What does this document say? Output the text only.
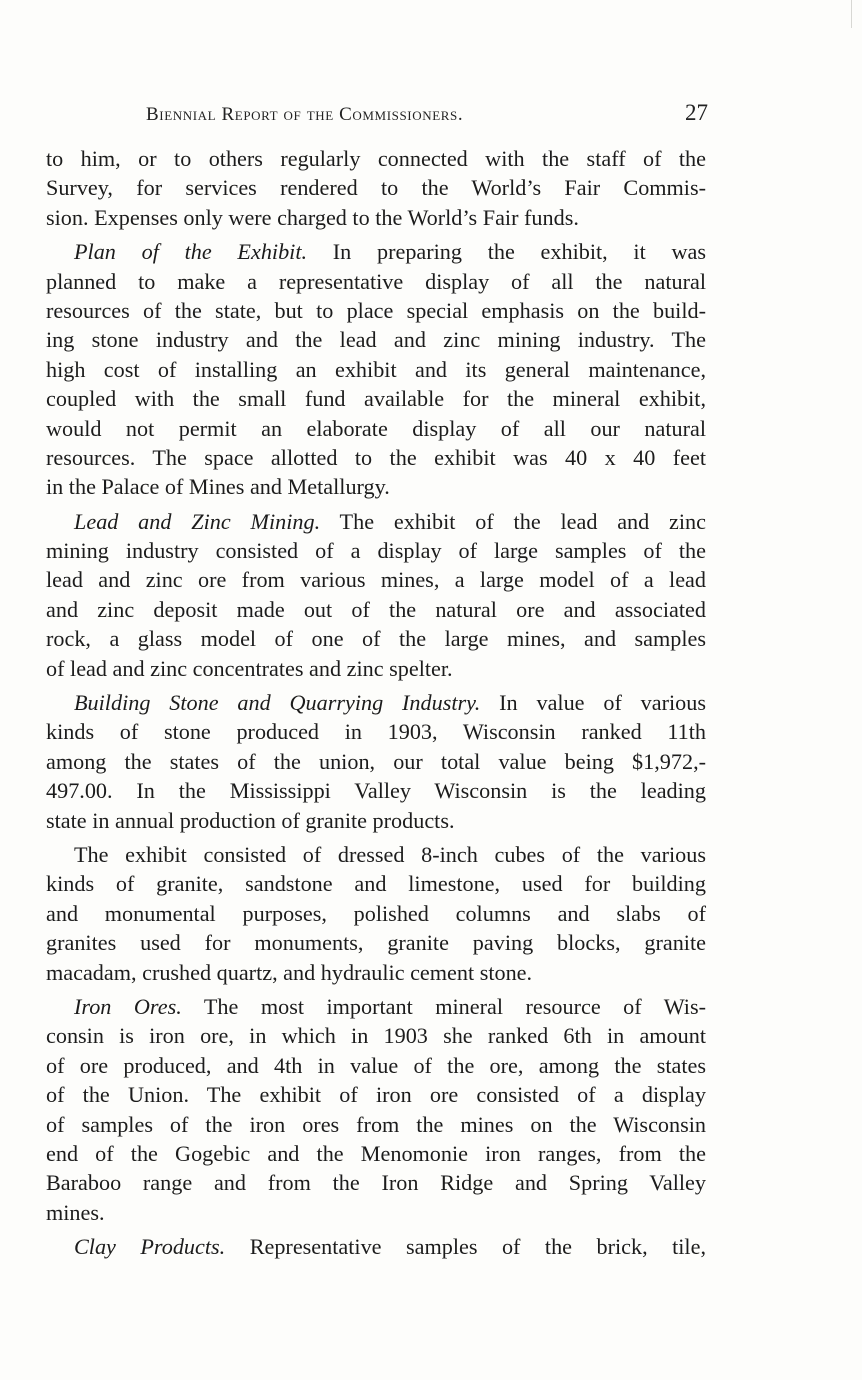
Biennial Report of the Commissioners.	27
to him, or to others regularly connected with the staff of the
Survey, for services rendered to the World’s Fair Commis-
sion. Expenses only were charged to the World’s Fair funds.
Plan of the Exhibit. In preparing the exhibit, it was
planned to make a representative display of all the natural
resources of the state, but to place special emphasis on the build-
ing stone industry and the lead and zinc mining industry. The
high cost of installing an exhibit and its general maintenance,
coupled with the small fund available for the mineral exhibit,
would not permit an elaborate display of all our natural
resources. The space allotted to the exhibit was 40 x 40 feet
in the Palace of Mines and Metallurgy.
Lead and Zinc Mining. The exhibit of the lead and zinc
mining industry consisted of a display of large samples of the
lead and zinc ore from various mines, a large model of a lead
and zinc deposit made out of the natural ore and associated
rock, a glass model of one of the large mines, and samples
of lead and zinc concentrates and zinc spelter.
Building Stone and Quarrying Industry. In value of various
kinds of stone produced in 1903, Wisconsin ranked 11th
among the states of the union, our total value being $1,972,-
497.00. In the Mississippi Valley Wisconsin is the leading
state in annual production of granite products.
The exhibit consisted of dressed 8-inch cubes of the various
kinds of granite, sandstone and limestone, used for building
and monumental purposes, polished columns and slabs of
granites used for monuments, granite paving blocks, granite
macadam, crushed quartz, and hydraulic cement stone.
Iron Ores. The most important mineral resource of Wis-
consin is iron ore, in which in 1903 she ranked 6th in amount
of ore produced, and 4th in value of the ore, among the states
of the Union. The exhibit of iron ore consisted of a display
of samples of the iron ores from the mines on the Wisconsin
end of the Gogebic and the Menomonie iron ranges, from the
Baraboo range and from the Iron Ridge and Spring Valley
mines.
Clay Products. Representative samples of the brick, tile,
